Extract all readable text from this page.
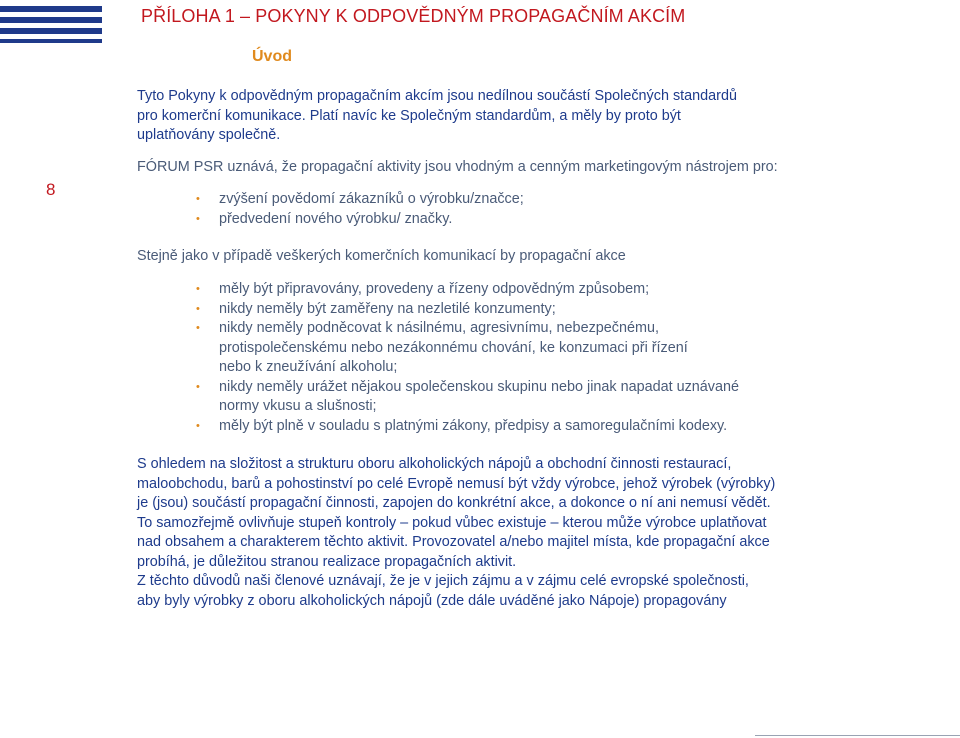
PŘÍLOHA 1 – POKYNY K ODPOVĚDNÝM PROPAGAČNÍM AKCÍM
Úvod
8
Tyto Pokyny k odpovědným propagačním akcím jsou nedílnou součástí Společných standardů
pro komerční komunikace. Platí navíc ke Společným standardům, a měly by proto být
uplatňovány společně.
FÓRUM PSR uznává, že propagační aktivity jsou vhodným a cenným marketingovým nástrojem pro:
• zvýšení povědomí zákazníků o výrobku/značce;
• předvedení nového výrobku/ značky.
Stejně jako v případě veškerých komerčních komunikací by propagační akce
• měly být připravovány, provedeny a řízeny odpovědným způsobem;
• nikdy neměly být zaměřeny na nezletilé konzumenty;
• nikdy neměly podněcovat k násilnému, agresivnímu, nebezpečnému,
protispolečenskému nebo nezákonnému chování, ke konzumaci při řízení
nebo k zneužívání alkoholu;
• nikdy neměly urážet nějakou společenskou skupinu nebo jinak napadat uznávané
normy vkusu a slušnosti;
• měly být plně v souladu s platnými zákony, předpisy a samoregulačními kodexy.
S ohledem na složitost a strukturu oboru alkoholických nápojů a obchodní činnosti restaurací,
maloobchodu, barů a pohostinství po celé Evropě nemusí být vždy výrobce, jehož výrobek (výrobky)
je (jsou) součástí propagační činnosti, zapojen do konkrétní akce, a dokonce o ní ani nemusí vědět.
To samozřejmě ovlivňuje stupeň kontroly – pokud vůbec existuje – kterou může výrobce uplatňovat
nad obsahem a charakterem těchto aktivit. Provozovatel a/nebo majitel místa, kde propagační akce
probíhá, je důležitou stranou realizace propagačních aktivit.
Z těchto důvodů naši členové uznávají, že je v jejich zájmu a v zájmu celé evropské společnosti,
aby byly výrobky z oboru alkoholických nápojů (zde dále uváděné jako Nápoje) propagovány
